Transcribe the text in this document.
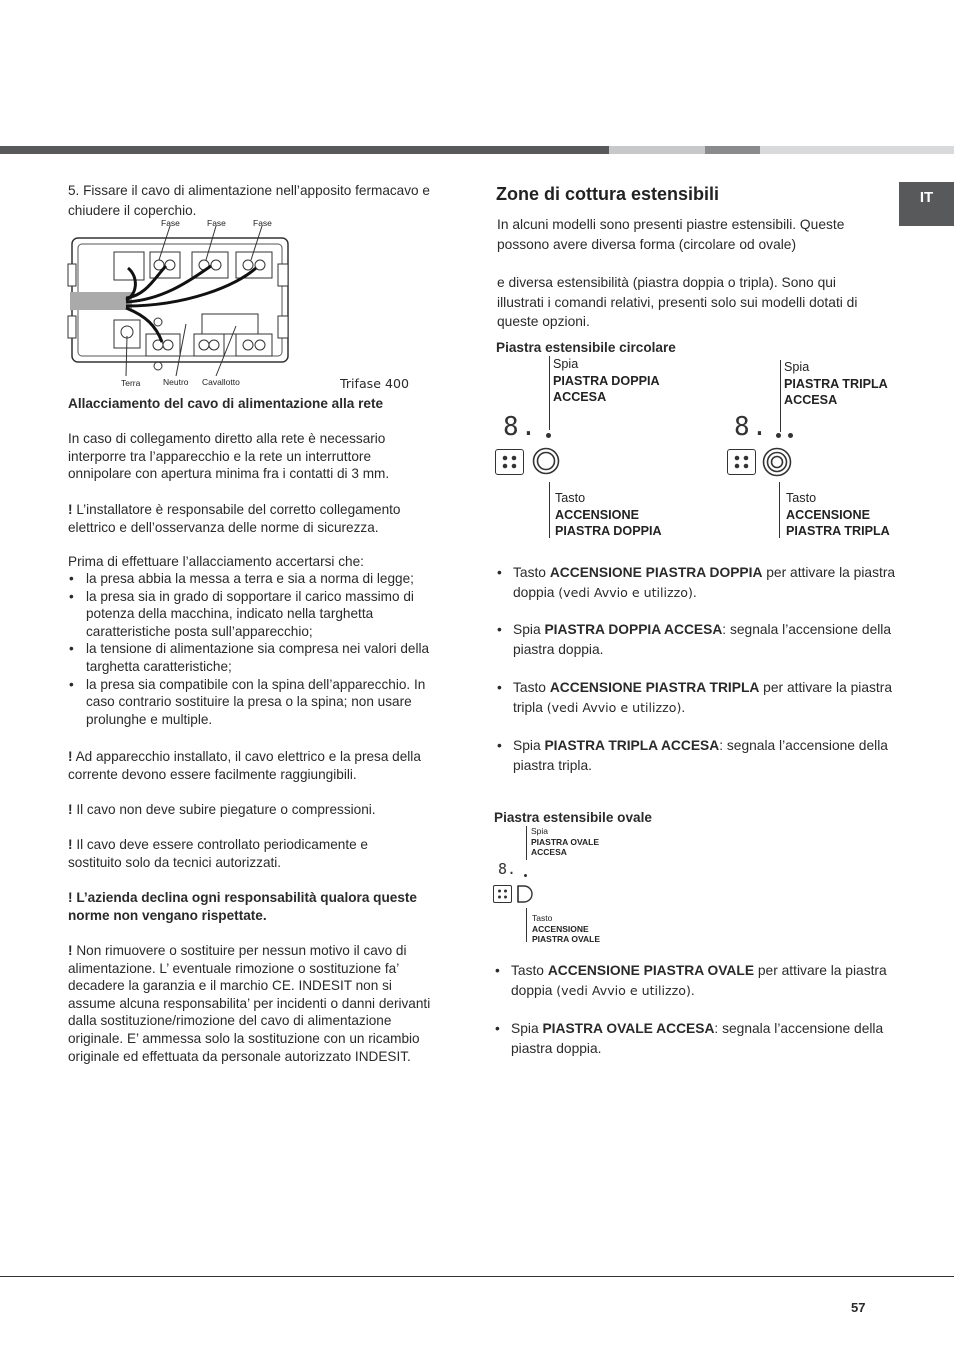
IT

5. Fissare il cavo di alimentazione nell’apposito fermacavo e chiudere il coperchio.

Fase	Fase	Fase
Terra	Neutro Cavallotto	Trifase 400
Allacciamento del cavo di alimentazione alla rete

In caso di collegamento diretto alla rete è necessario interporre tra l’apparecchio e la rete un interruttore onnipolare con apertura minima fra i contatti di 3 mm.

! L’installatore è responsabile del corretto collegamento elettrico e dell’osservanza delle norme di sicurezza.

Prima di effettuare l’allacciamento accertarsi che:

• la presa abbia la messa a terra e sia a norma di legge;
• la presa sia in grado di sopportare il carico massimo di potenza della macchina, indicato nella targhetta caratteristiche posta sull’apparecchio;
• la tensione di alimentazione sia compresa nei valori della targhetta caratteristiche;
• la presa sia compatibile con la spina dell’apparecchio. In caso contrario sostituire la presa o la spina; non usare prolunghe e multiple.

! Ad apparecchio installato, il cavo elettrico e la presa della corrente devono essere facilmente raggiungibili.

! Il cavo non deve subire piegature o compressioni.

! Il cavo deve essere controllato periodicamente e sostituito solo da tecnici autorizzati.

! L’azienda declina ogni responsabilità qualora queste norme non vengano rispettate.

! Non rimuovere o sostituire per nessun motivo il cavo di alimentazione. L’ eventuale rimozione o sostituzione fa’ decadere la garanzia e il marchio CE. INDESIT non si assume alcuna responsabilita’ per incidenti o danni derivanti dalla sostituzione/rimozione del cavo di alimentazione originale. E’ ammessa solo la sostituzione con un ricambio originale ed effettuata da personale autorizzato INDESIT.

Zone di cottura estensibili

In alcuni modelli sono presenti piastre estensibili. Queste possono avere diversa forma (circolare od ovale)

e diversa estensibilità (piastra doppia o tripla). Sono qui illustrati i comandi relativi, presenti solo sui modelli dotati di queste opzioni.

Piastra estensibile circolare
Spia
PIASTRA DOPPIA
ACCESA
8.
Tasto
ACCENSIONE
PIASTRA DOPPIA
Spia
PIASTRA TRIPLA
ACCESA
8.
Tasto
ACCENSIONE
PIASTRA TRIPLA
• Tasto ACCENSIONE PIASTRA DOPPIA per attivare la piastra doppia (vedi Avvio e utilizzo).
• Spia PIASTRA DOPPIA ACCESA: segnala l’accensione della piastra doppia.
• Tasto ACCENSIONE PIASTRA TRIPLA per attivare la piastra tripla (vedi Avvio e utilizzo).
• Spia PIASTRA TRIPLA ACCESA: segnala l’accensione della piastra tripla.
Piastra estensibile ovale
Spia
PIASTRA OVALE
ACCESA
8.
Tasto
ACCENSIONE
PIASTRA OVALE
• Tasto ACCENSIONE PIASTRA OVALE per attivare la piastra doppia (vedi Avvio e utilizzo).
• Spia PIASTRA OVALE ACCESA: segnala l’accensione della piastra doppia.
57
